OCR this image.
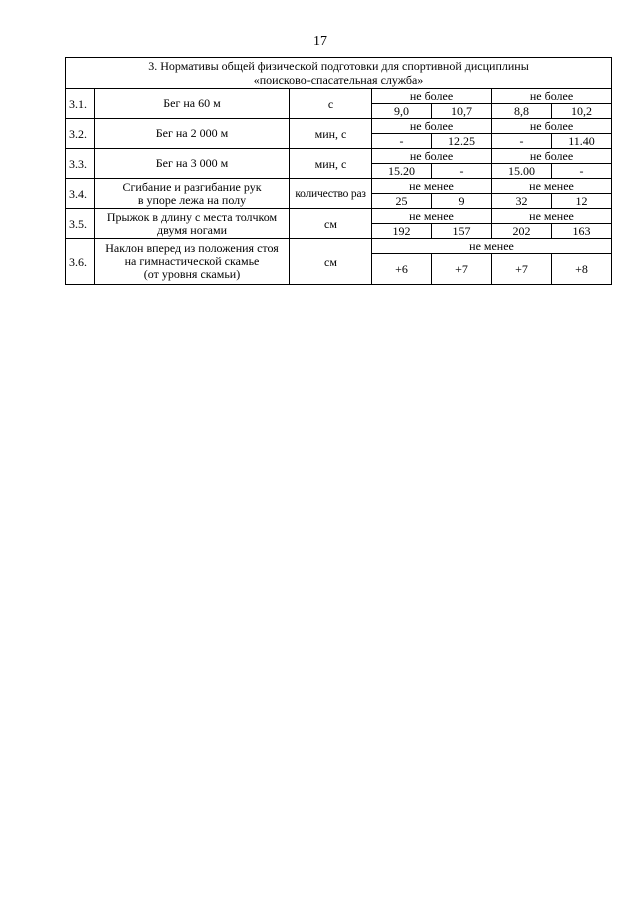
17
3. Нормативы общей физической подготовки для спортивной дисциплины
«поисково-спасательная служба»						
3.1.	Бег на 60 м	с	не более		не более	
			9,0	10,7	8,8	10,2
3.2.	Бег на 2 000 м	мин, с	не более		не более	
			-	12.25	-	11.40
3.3.	Бег на 3 000 м	мин, с	не более		не более	
			15.20	-	15.00	-
3.4.	Сгибание и разгибание рук
в упоре лежа на полу	количество раз	не менее		не менее	
			25	9	32	12
3.5.	Прыжок в длину с места толчком
двумя ногами	см	не менее		не менее	
			192	157	202	163
3.6.	Наклон вперед из положения стоя
на гимнастической скамье
(от уровня скамьи)	см	не менее			
			+6	+7	+7	+8
